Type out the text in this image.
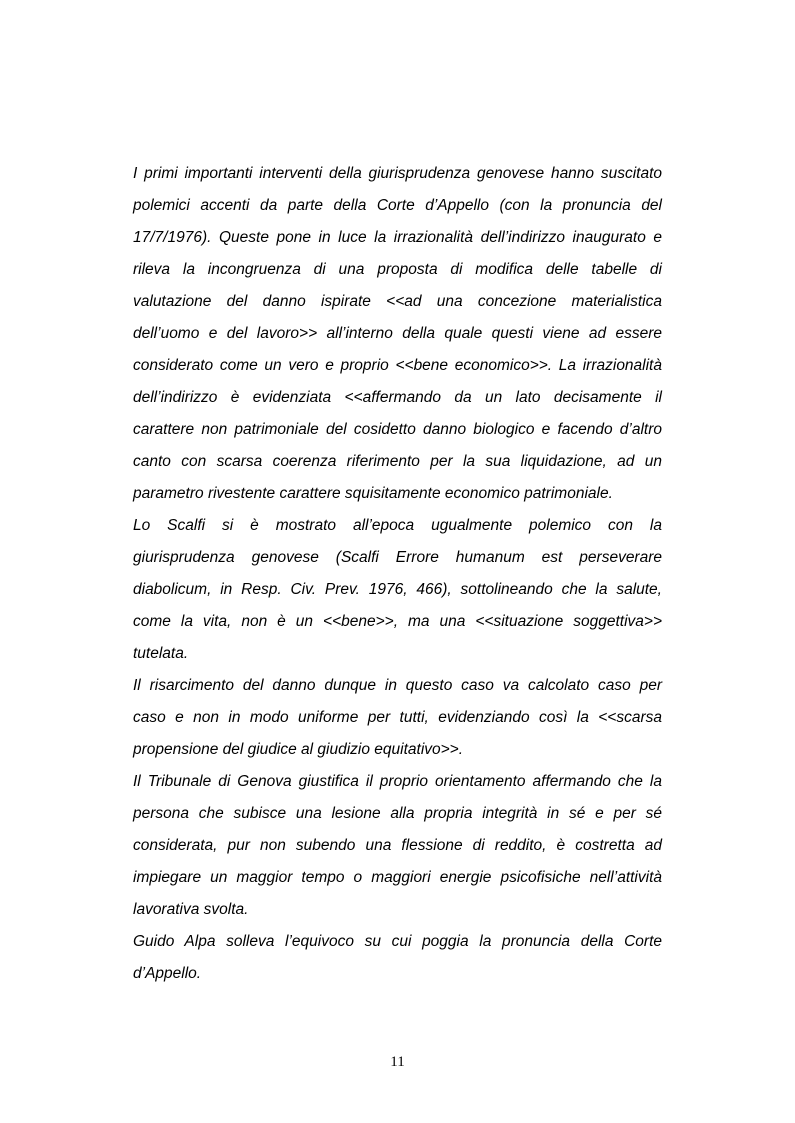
I primi importanti interventi della giurisprudenza genovese hanno suscitato
polemici accenti da parte della Corte d’Appello (con la pronuncia del
17/7/1976). Queste pone in luce la irrazionalità dell’indirizzo inaugurato e
rileva la incongruenza di una proposta di modifica delle tabelle di
valutazione del danno ispirate <<ad una concezione materialistica
dell’uomo e del lavoro>> all’interno della quale questi viene ad essere
considerato come un vero e proprio <<bene economico>>. La irrazionalità
dell’indirizzo è evidenziata <<affermando da un lato decisamente il
carattere non patrimoniale del cosidetto danno biologico e facendo d’altro
canto con scarsa coerenza riferimento per la sua liquidazione, ad un
parametro rivestente carattere squisitamente economico patrimoniale.
Lo Scalfi si è mostrato all’epoca ugualmente polemico con la
giurisprudenza genovese (Scalfi Errore humanum est perseverare
diabolicum, in Resp. Civ. Prev. 1976, 466), sottolineando che la salute,
come la vita, non è un <<bene>>, ma una <<situazione soggettiva>>
tutelata.
Il risarcimento del danno dunque in questo caso va calcolato caso per
caso e non in modo uniforme per tutti, evidenziando così la <<scarsa
propensione del giudice al giudizio equitativo>>.
Il Tribunale di Genova giustifica il proprio orientamento affermando che la
persona che subisce una lesione alla propria integrità in sé e per sé
considerata, pur non subendo una flessione di reddito, è costretta ad
impiegare un maggior tempo o maggiori energie psicofisiche nell’attività
lavorativa svolta.
Guido Alpa solleva l’equivoco su cui poggia la pronuncia della Corte
d’Appello.
11
